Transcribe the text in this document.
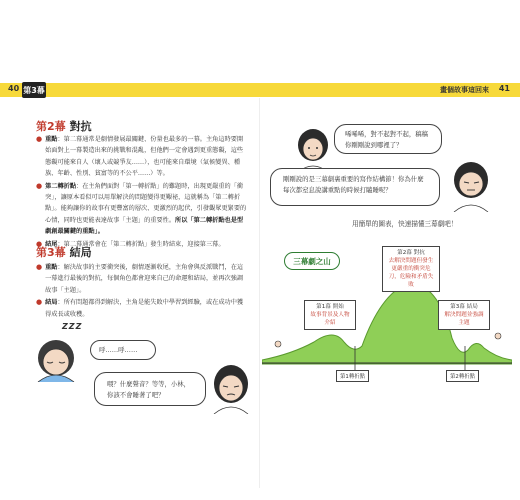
40 第3幕	畫個故事這回來 41
第2幕 對抗
● 重點：第二幕通常是劇情發展最關鍵、份量也最多的一幕。主角這時要開始面對上一幕製造出來的挑戰和混亂，但他們一定會遇到更重態礙，這些態礙可能來自人（壞人或競爭友……），也可能來自環境（氣候變異、種族、年齡、性別、貧富等的不公平……）等。
● 第二轉折點：在主角們面對「第一轉折點」的難題時，出現更嚴重的「衝突」，讓原本看似可以用單解決的問題變得更艱祕，這就稱為「第二轉折點」。能夠讓你的故事有更豐富的層次、更激烈的起伏，引發觀眾更緊要的心情，同時也更能表達故事「主題」的重要性。所以「第二轉折點也是型劇創最關鍵的重點」。
● 結尾：第二幕通常會在「第二轉折點」發生時結束，迎接第三幕。
第3幕 結局
● 重點：解決故事的主要衝突後，劇情逐漸收尾，主角會與反派戰鬥，在這一幕進行最後的對抗，每個角色都會迎來自己的命運和結局，並再次強調故事「主題」。
● 結局：所有問題都得到解決，主角是能失敗中學習到經驗，或在成功中獲得成長或收穫。
ZZZ
呼……呼……
喂？什麼聲音？等等，小林，你該不會睡著了吧？
唏唏唏，對不起對不起，稿稿你剛剛說到哪裡了？
剛剛說的是三幕劇裏重要的寫作結構節！你為什麼每次都窒息說講重點的時候打瞌睡呢？
用簡單的圖表，快速描懂三幕劇吧！
三幕劇之山
第1幕 開始
故事背景及人物介紹
第2幕 對抗
去解決問題但發生更嚴重的衝突危刀，危險和矛盾失敗
第3幕 結局
解決問題並強調主題
第1轉折點	第2轉折點
